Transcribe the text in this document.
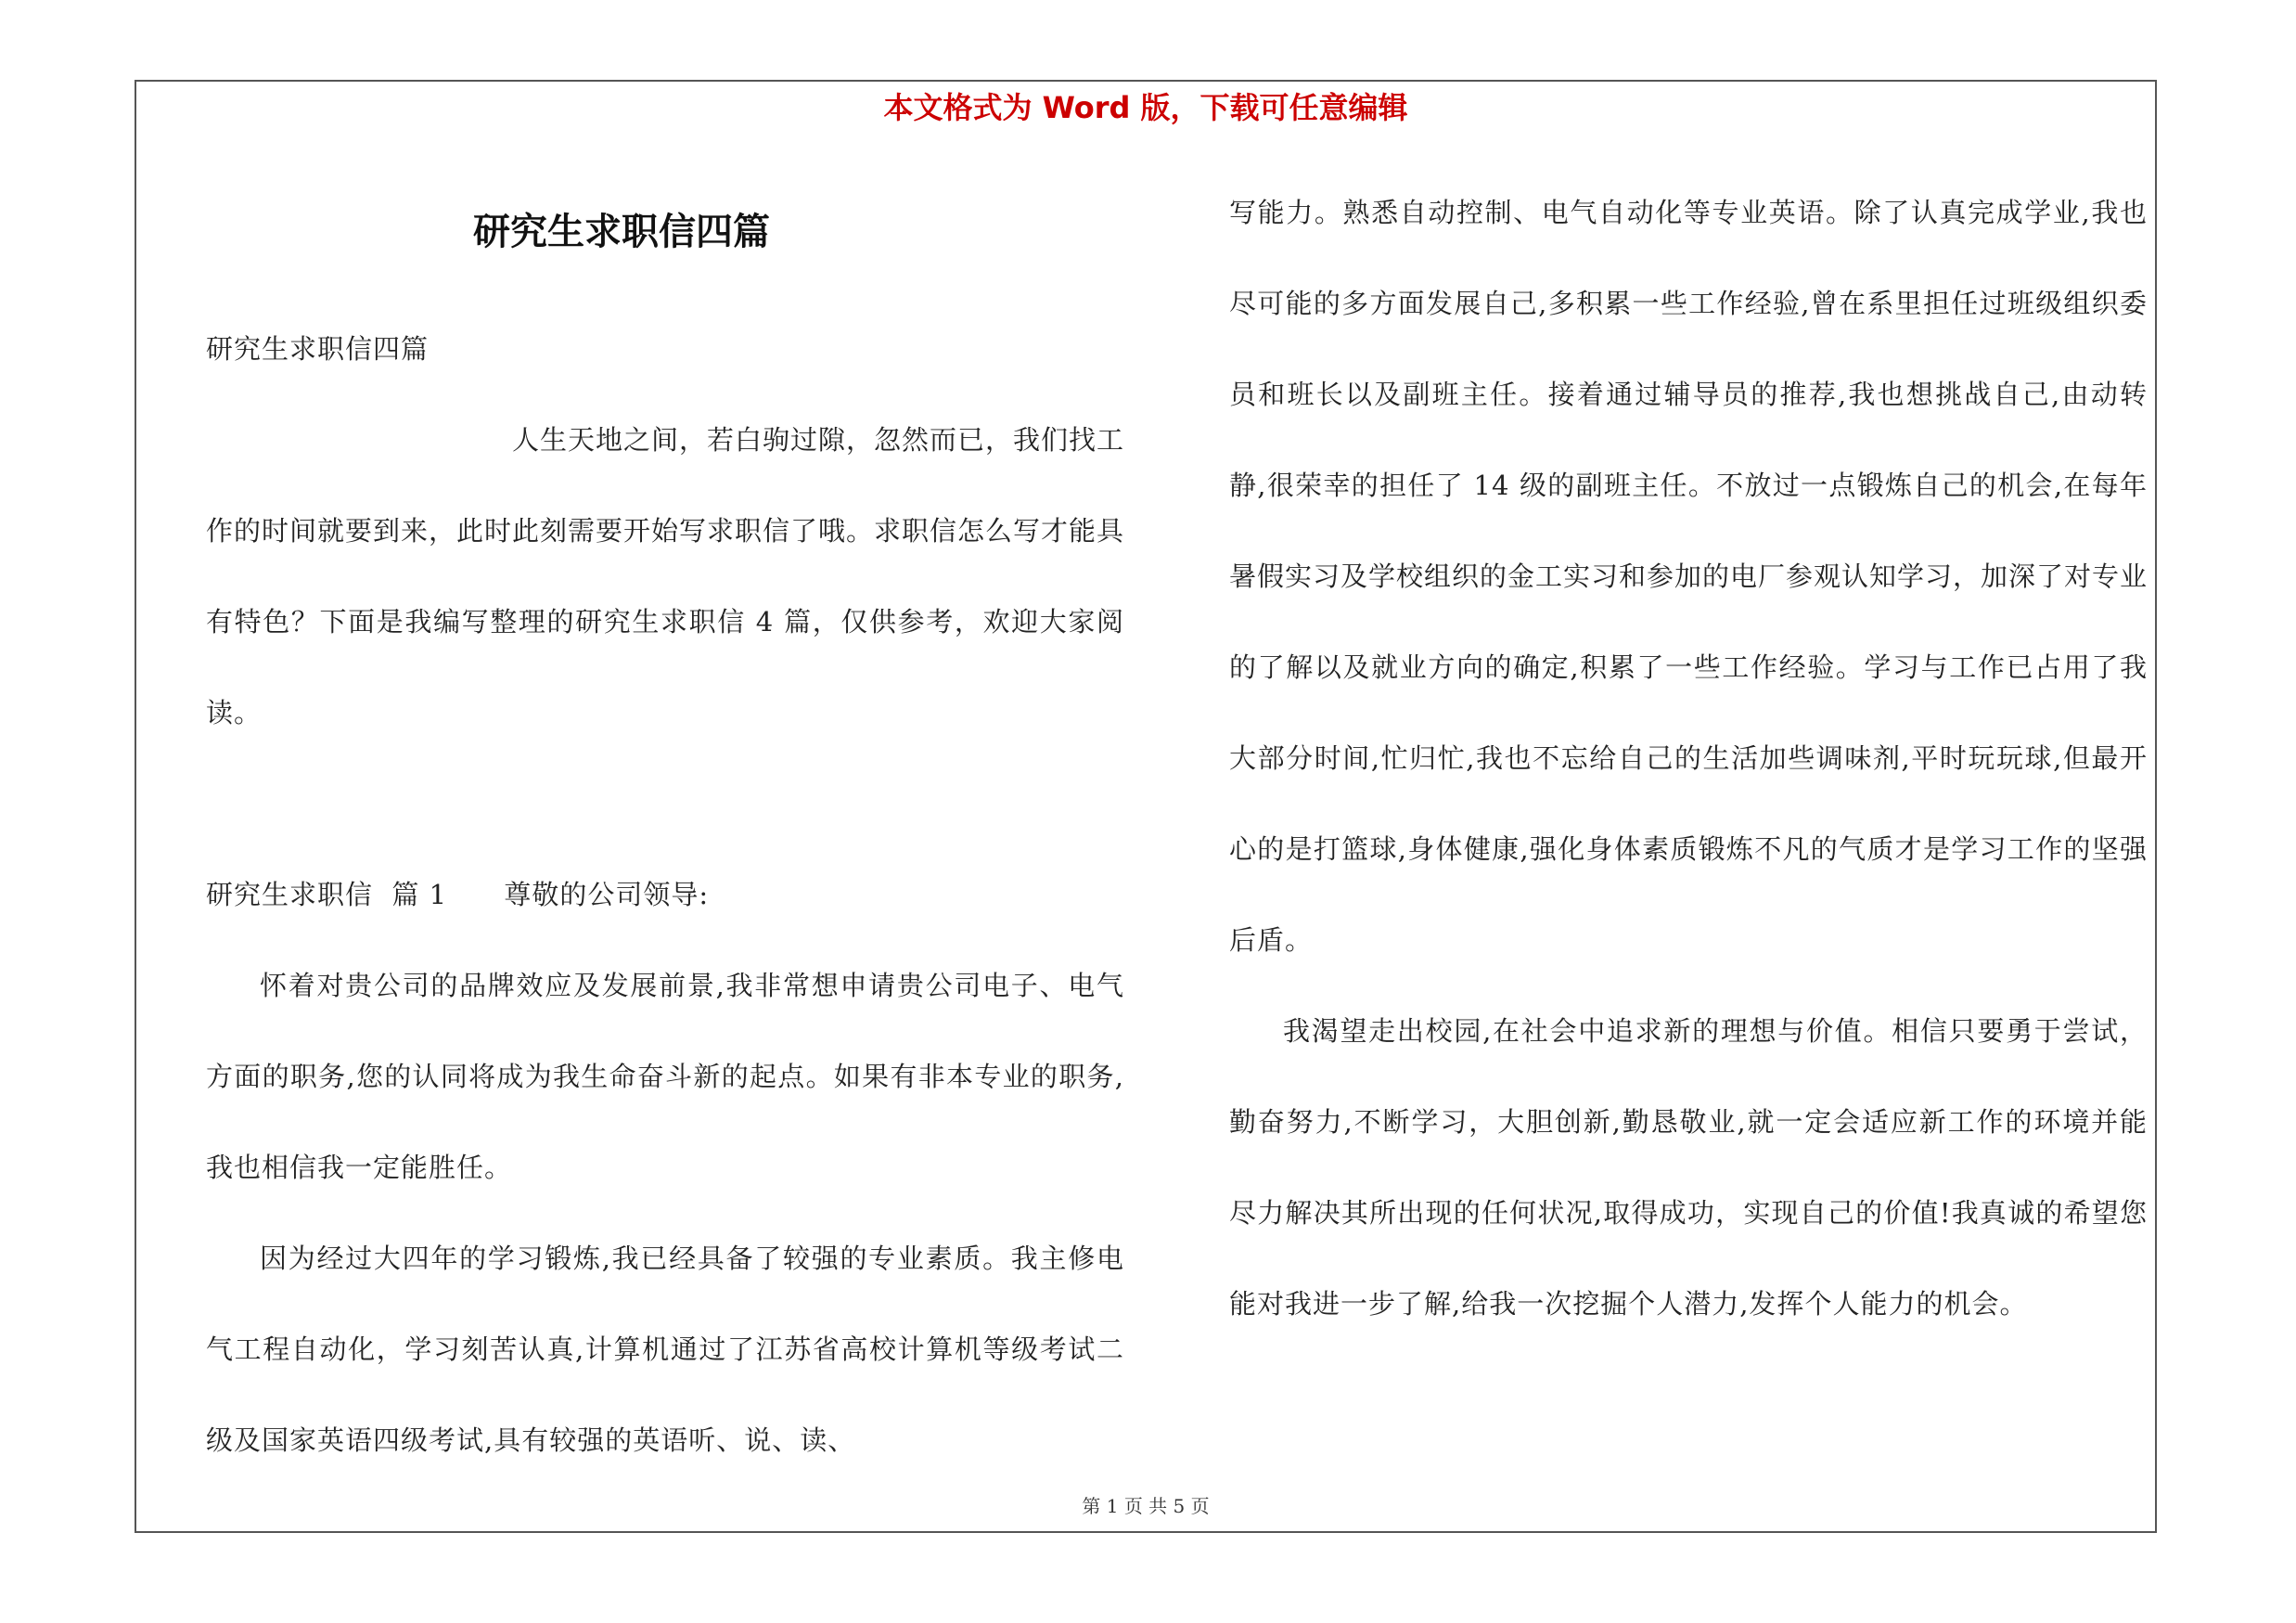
本文格式为 Word 版，下载可任意编辑
研究生求职信四篇

研究生求职信四篇

人生天地之间，若白驹过隙，忽然而已，我们找工作的时间就要到来，此时此刻需要开始写求职信了哦。求职信怎么写才能具有特色？下面是我编写整理的研究生求职信 4 篇，仅供参考，欢迎大家阅读。

研究生求职信  篇 1      尊敬的公司领导:

怀着对贵公司的品牌效应及发展前景,我非常想申请贵公司电子、电气方面的职务,您的认同将成为我生命奋斗新的起点。如果有非本专业的职务,我也相信我一定能胜任。

因为经过大四年的学习锻炼,我已经具备了较强的专业素质。我主修电气工程自动化，学习刻苦认真,计算机通过了江苏省高校计算机等级考试二级及国家英语四级考试,具有较强的英语听、说、读、

写能力。熟悉自动控制、电气自动化等专业英语。除了认真完成学业,我也尽可能的多方面发展自己,多积累一些工作经验,曾在系里担任过班级组织委员和班长以及副班主任。接着通过辅导员的推荐,我也想挑战自己,由动转静,很荣幸的担任了 14 级的副班主任。不放过一点锻炼自己的机会,在每年暑假实习及学校组织的金工实习和参加的电厂参观认知学习，加深了对专业的了解以及就业方向的确定,积累了一些工作经验。学习与工作已占用了我大部分时间,忙归忙,我也不忘给自己的生活加些调味剂,平时玩玩球,但最开心的是打篮球,身体健康,强化身体素质锻炼不凡的气质才是学习工作的坚强后盾。

我渴望走出校园,在社会中追求新的理想与价值。相信只要勇于尝试，勤奋努力,不断学习，大胆创新,勤恳敬业,就一定会适应新工作的环境并能尽力解决其所出现的任何状况,取得成功，实现自己的价值!我真诚的希望您能对我进一步了解,给我一次挖掘个人潜力,发挥个人能力的机会。

第 1 页 共 5 页
